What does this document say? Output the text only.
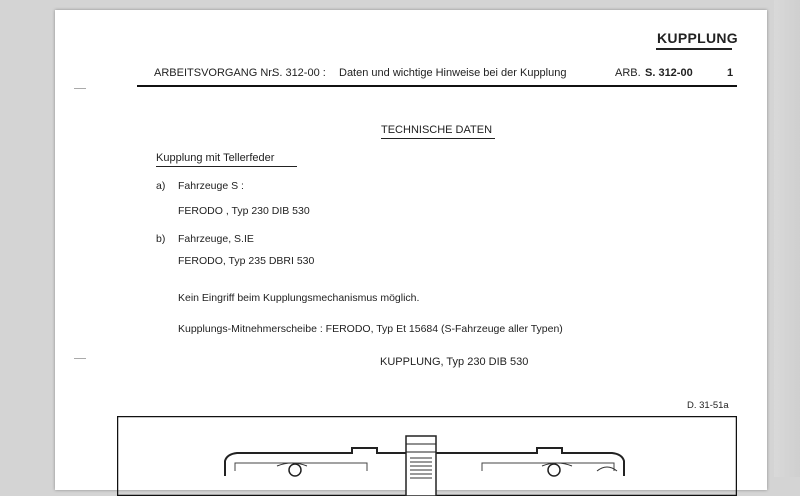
KUPPLUNG
ARBEITSVORGANG Nr.
S. 312-00 : Daten und wichtige Hinweise bei der Kupplung	ARB. S. 312-00	1
TECHNISCHE DATEN
Kupplung mit Tellerfeder
a) Fahrzeuge S :
FERODO , Typ 230 DIB 530
b) Fahrzeuge, S.IE
FERODO, Typ 235 DBRI 530
Kein Eingriff beim Kupplungsmechanismus möglich.
Kupplungs-Mitnehmerscheibe : FERODO, Typ Et 15684 (S-Fahrzeuge aller Typen)
KUPPLUNG, Typ 230 DIB 530
D. 31-51a
